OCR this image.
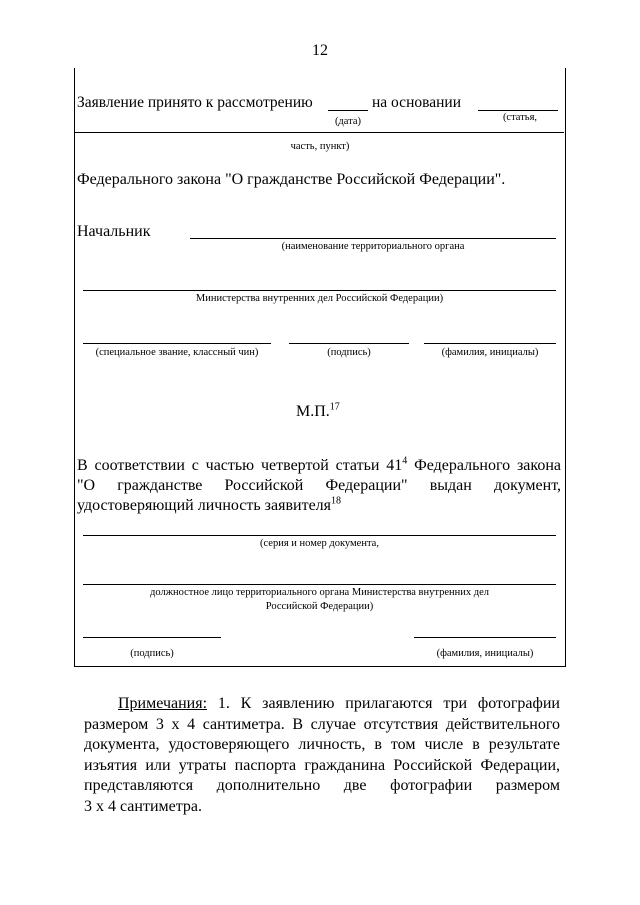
12
Заявление принято к рассмотрению	на основании
(дата)	(статья,
часть, пункт)
Федерального закона "О гражданстве Российской Федерации".
Начальник
(наименование территориального органа
Министерства внутренних дел Российской Федерации)
(специальное звание, классный чин)	(подпись)	(фамилия, инициалы)
М.П.$^{17}$
В соответствии с частью четвертой статьи $41^4$ Федерального закона
"О гражданстве Российской Федерации" выдан документ,
удостоверяющий личность заявителя$^{18}$
(серия и номер документа,
должностное лицо территориального органа Министерства внутренних дел
Российской Федерации)
(подпись)	(фамилия, инициалы)
Примечания: 1. К заявлению прилагаются три фотографии
размером 3 x 4 сантиметра. В случае отсутствия действительного
документа, удостоверяющего личность, в том числе в результате
изъятия или утраты паспорта гражданина Российской Федерации,
представляются дополнительно две фотографии размером
3 x 4 сантиметра.
